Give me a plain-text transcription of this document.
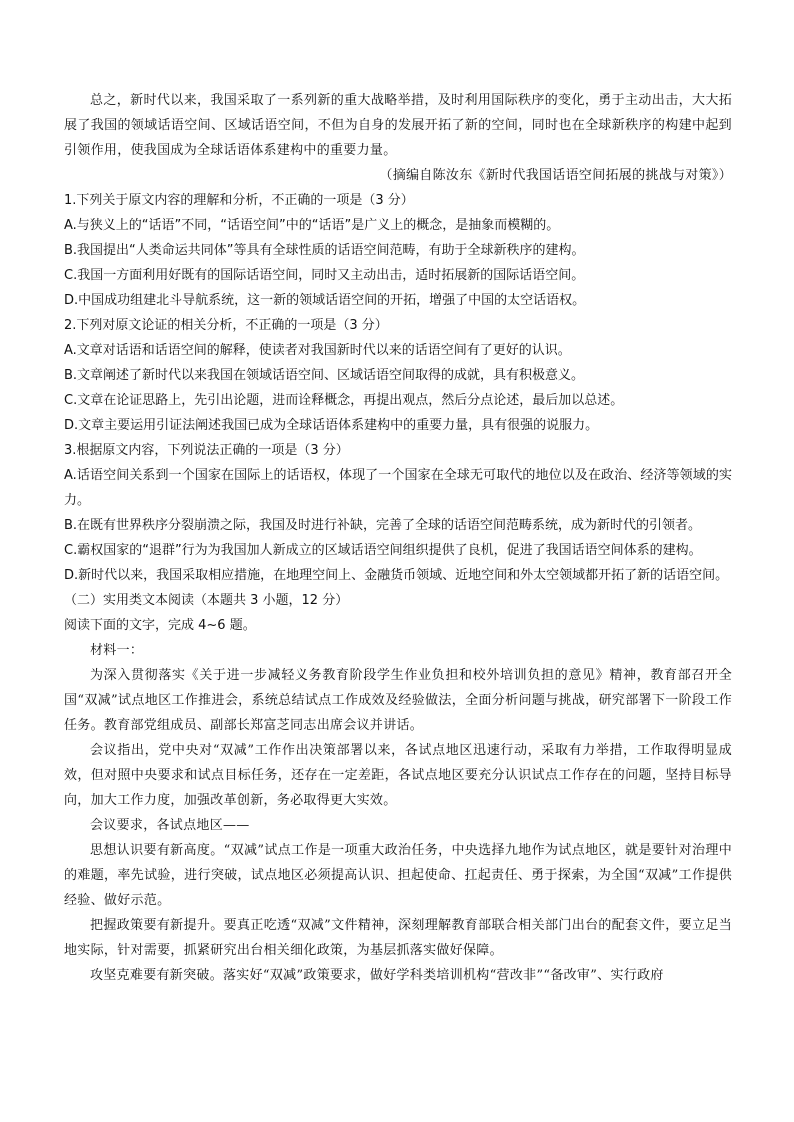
总之，新时代以来，我国采取了一系列新的重大战略举措，及时利用国际秩序的变化，勇于主动出击，大大拓展了我国的领域话语空间、区域话语空间，不但为自身的发展开拓了新的空间，同时也在全球新秩序的构建中起到引领作用，使我国成为全球话语体系建构中的重要力量。

（摘编自陈汝东《新时代我国话语空间拓展的挑战与对策》）

1.下列关于原文内容的理解和分析，不正确的一项是（3 分）

A.与狭义上的“话语”不同，“话语空间”中的“话语”是广义上的概念，是抽象而模糊的。

B.我国提出“人类命运共同体”等具有全球性质的话语空间范畴，有助于全球新秩序的建构。

C.我国一方面利用好既有的国际话语空间，同时又主动出击，适时拓展新的国际话语空间。

D.中国成功组建北斗导航系统，这一新的领域话语空间的开拓，增强了中国的太空话语权。

2.下列对原文论证的相关分析，不正确的一项是（3 分）

A.文章对话语和话语空间的解释，使读者对我国新时代以来的话语空间有了更好的认识。

B.文章阐述了新时代以来我国在领域话语空间、区域话语空间取得的成就，具有积极意义。

C.文章在论证思路上，先引出论题，进而诠释概念，再提出观点，然后分点论述，最后加以总述。

D.文章主要运用引证法阐述我国已成为全球话语体系建构中的重要力量，具有很强的说服力。

3.根据原文内容，下列说法正确的一项是（3 分）

A.话语空间关系到一个国家在国际上的话语权，体现了一个国家在全球无可取代的地位以及在政治、经济等领域的实力。

B.在既有世界秩序分裂崩溃之际，我国及时进行补缺，完善了全球的话语空间范畴系统，成为新时代的引领者。

C.霸权国家的“退群”行为为我国加人新成立的区域话语空间组织提供了良机，促进了我国话语空间体系的建构。

D.新时代以来，我国采取相应措施，在地理空间上、金融货币领域、近地空间和外太空领域都开拓了新的话语空间。

（二）实用类文本阅读（本题共 3 小题，12 分）

阅读下面的文字，完成 4~6 题。

材料一：

为深入贯彻落实《关于进一步减轻义务教育阶段学生作业负担和校外培训负担的意见》精神，教育部召开全国“双减”试点地区工作推进会，系统总结试点工作成效及经验做法，全面分析问题与挑战，研究部署下一阶段工作任务。教育部党组成员、副部长郑富芝同志出席会议并讲话。

会议指出，党中央对“双减”工作作出决策部署以来，各试点地区迅速行动，采取有力举措，工作取得明显成效，但对照中央要求和试点目标任务，还存在一定差距，各试点地区要充分认识试点工作存在的问题，坚持目标导向，加大工作力度，加强改革创新，务必取得更大实效。

会议要求，各试点地区——

思想认识要有新高度。“双减”试点工作是一项重大政治任务，中央选择九地作为试点地区，就是要针对治理中的难题，率先试验，进行突破，试点地区必须提高认识、担起使命、扛起责任、勇于探索，为全国“双减”工作提供经验、做好示范。

把握政策要有新提升。要真正吃透“双减”文件精神，深刻理解教育部联合相关部门出台的配套文件，要立足当地实际，针对需要，抓紧研究出台相关细化政策，为基层抓落实做好保障。

攻坚克难要有新突破。落实好“双减”政策要求，做好学科类培训机构“营改非”“备改审”、实行政府
